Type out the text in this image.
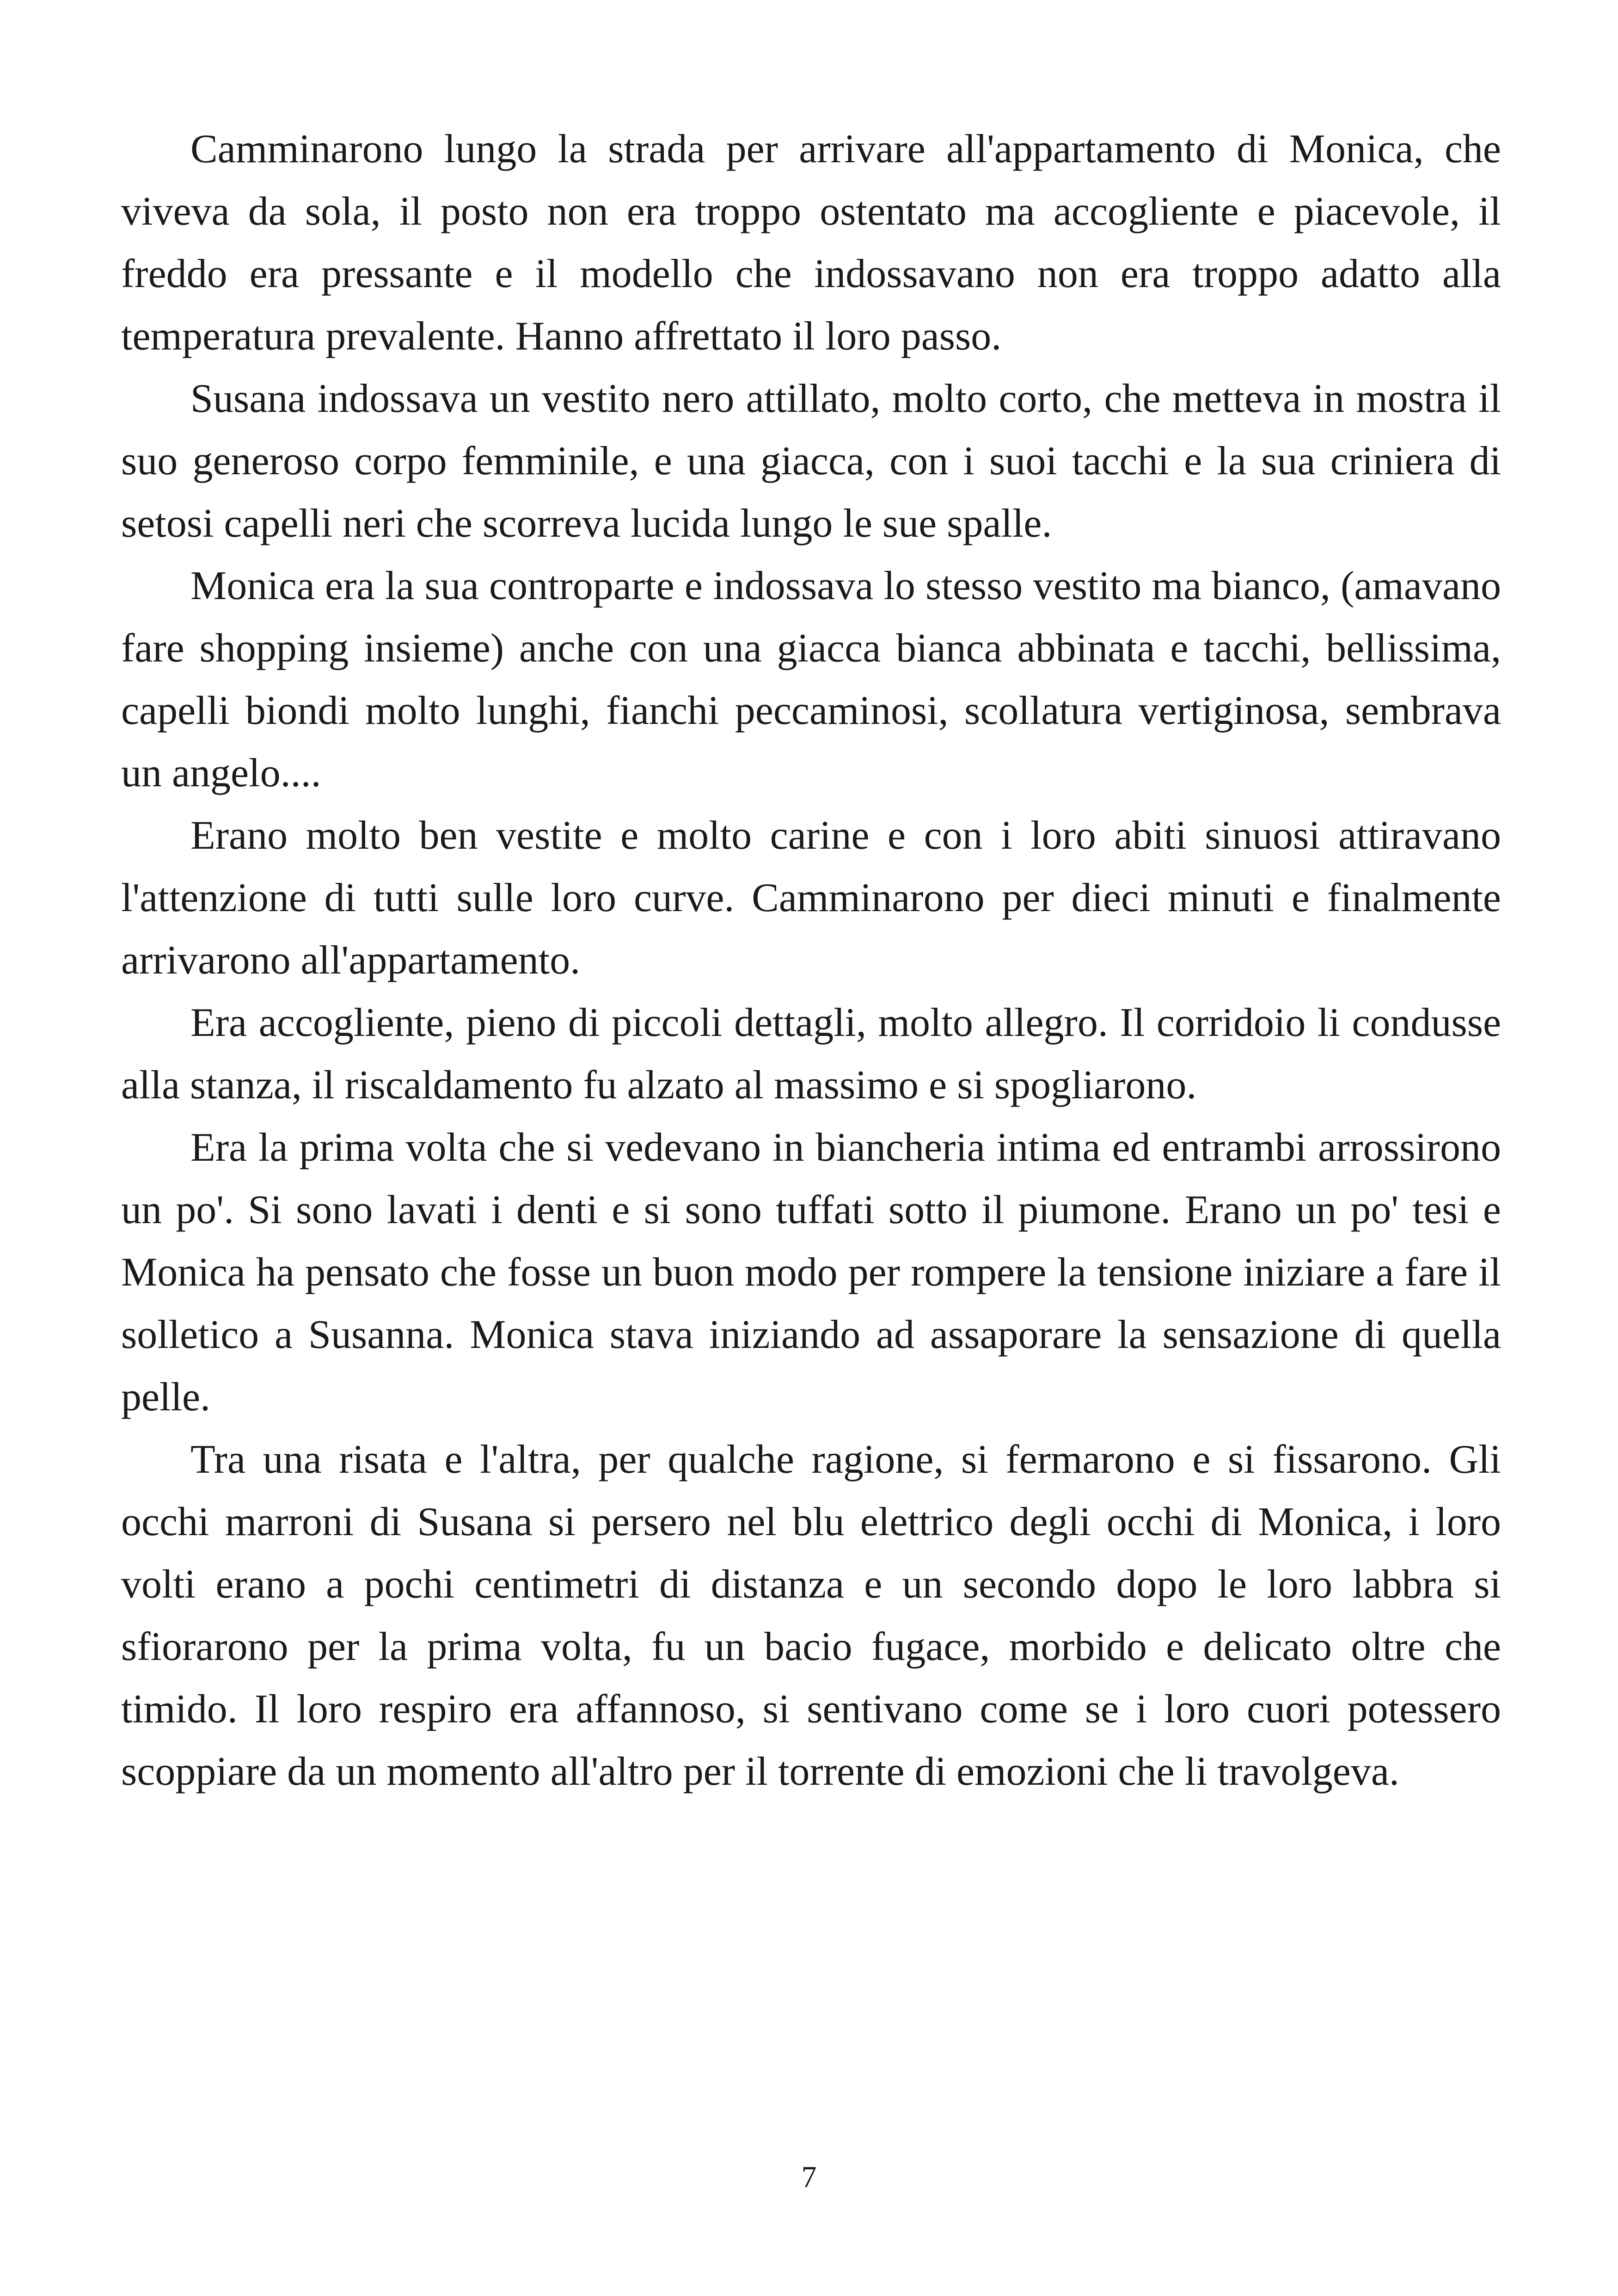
Camminarono lungo la strada per arrivare all'appartamento di Monica, che viveva da sola, il posto non era troppo ostentato ma accogliente e piacevole, il freddo era pressante e il modello che indossavano non era troppo adatto alla temperatura prevalente. Hanno affrettato il loro passo.

Susana indossava un vestito nero attillato, molto corto, che metteva in mostra il suo generoso corpo femminile, e una giacca, con i suoi tacchi e la sua criniera di setosi capelli neri che scorreva lucida lungo le sue spalle.

Monica era la sua controparte e indossava lo stesso vestito ma bianco, (amavano fare shopping insieme) anche con una giacca bianca abbinata e tacchi, bellissima, capelli biondi molto lunghi, fianchi peccaminosi, scollatura vertiginosa, sembrava un angelo....

Erano molto ben vestite e molto carine e con i loro abiti sinuosi attiravano l'attenzione di tutti sulle loro curve. Camminarono per dieci minuti e finalmente arrivarono all'appartamento.

Era accogliente, pieno di piccoli dettagli, molto allegro. Il corridoio li condusse alla stanza, il riscaldamento fu alzato al massimo e si spogliarono.

Era la prima volta che si vedevano in biancheria intima ed entrambi arrossirono un po'. Si sono lavati i denti e si sono tuffati sotto il piumone. Erano un po' tesi e Monica ha pensato che fosse un buon modo per rompere la tensione iniziare a fare il solletico a Susanna. Monica stava iniziando ad assaporare la sensazione di quella pelle.

Tra una risata e l'altra, per qualche ragione, si fermarono e si fissarono. Gli occhi marroni di Susana si persero nel blu elettrico degli occhi di Monica, i loro volti erano a pochi centimetri di distanza e un secondo dopo le loro labbra si sfiorarono per la prima volta, fu un bacio fugace, morbido e delicato oltre che timido. Il loro respiro era affannoso, si sentivano come se i loro cuori potessero scoppiare da un momento all'altro per il torrente di emozioni che li travolgeva.

7
